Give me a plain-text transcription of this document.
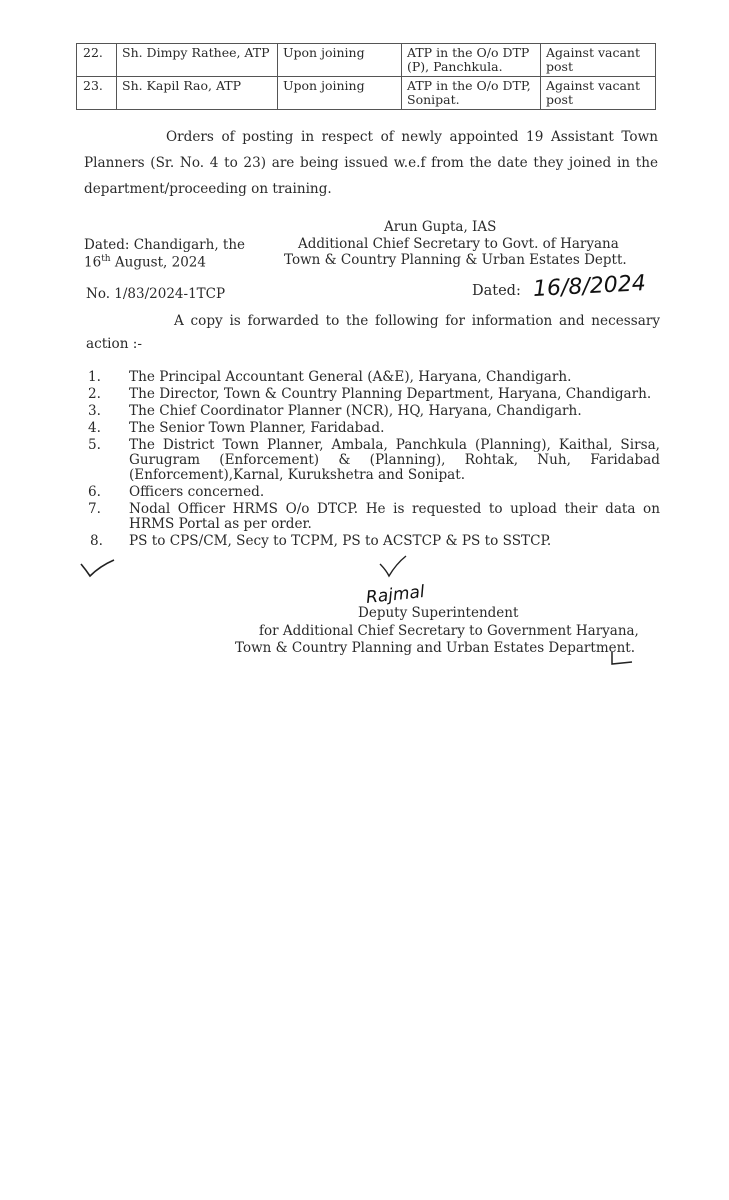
22.	Sh. Dimpy Rathee, ATP	Upon joining	ATP in the O/o DTP (P), Panchkula.	Against vacant post
23.	Sh. Kapil Rao, ATP	Upon joining	ATP in the O/o DTP, Sonipat.	Against vacant post
Orders of posting in respect of newly appointed 19 Assistant Town Planners (Sr. No. 4 to 23) are being issued w.e.f from the date they joined in the department/proceeding on training.
Arun Gupta, IAS
Additional Chief Secretary to Govt. of Haryana
Town & Country Planning & Urban Estates Deptt.
Dated: Chandigarh, the
16th August, 2024
No. 1/83/2024-1TCP	Dated: 16/8/2024
A copy is forwarded to the following for information and necessary action :-
1. The Principal Accountant General (A&E), Haryana, Chandigarh.
2. The Director, Town & Country Planning Department, Haryana, Chandigarh.
3. The Chief Coordinator Planner (NCR), HQ, Haryana, Chandigarh.
4. The Senior Town Planner, Faridabad.
5. The District Town Planner, Ambala, Panchkula (Planning), Kaithal, Sirsa, Gurugram (Enforcement) & (Planning), Rohtak, Nuh, Faridabad (Enforcement),Karnal, Kurukshetra and Sonipat.
6. Officers concerned.
7. Nodal Officer HRMS O/o DTCP. He is requested to upload their data on HRMS Portal as per order.
8. PS to CPS/CM, Secy to TCPM, PS to ACSTCP & PS to SSTCP.
Rajmal
Deputy Superintendent
for Additional Chief Secretary to Government Haryana,
Town & Country Planning and Urban Estates Department.
